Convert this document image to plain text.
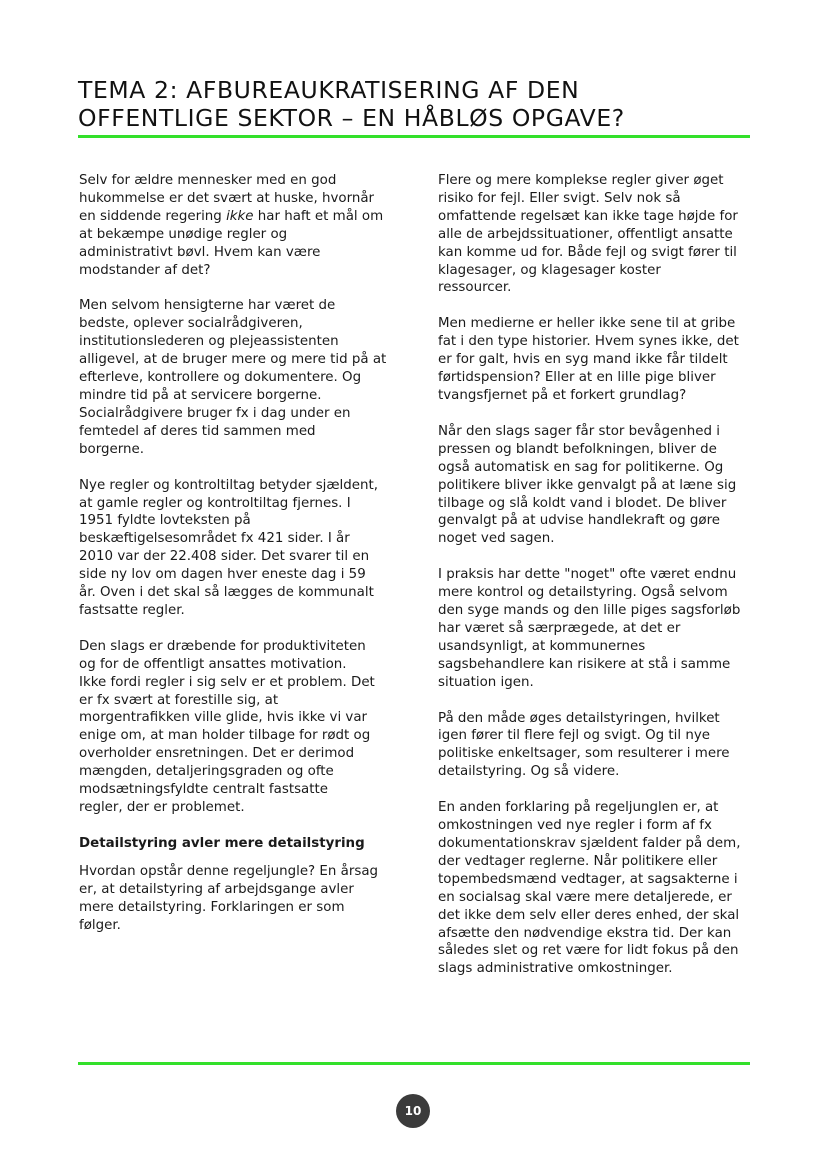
TEMA 2: AFBUREAUKRATISERING AF DEN
OFFENTLIGE SEKTOR – EN HÅBLØS OPGAVE?

Selv for ældre mennesker med en god
hukommelse er det svært at huske, hvornår
en siddende regering ikke har haft et mål om
at bekæmpe unødige regler og
administrativt bøvl. Hvem kan være
modstander af det?

Men selvom hensigterne har været de
bedste, oplever socialrådgiveren,
institutionslederen og plejeassistenten
alligevel, at de bruger mere og mere tid på at
efterleve, kontrollere og dokumentere. Og
mindre tid på at servicere borgerne.
Socialrådgivere bruger fx i dag under en
femtedel af deres tid sammen med
borgerne.

Nye regler og kontroltiltag betyder sjældent,
at gamle regler og kontroltiltag fjernes. I
1951 fyldte lovteksten på
beskæftigelsesområdet fx 421 sider. I år
2010 var der 22.408 sider. Det svarer til en
side ny lov om dagen hver eneste dag i 59
år. Oven i det skal så lægges de kommunalt
fastsatte regler.

Den slags er dræbende for produktiviteten
og for de offentligt ansattes motivation.
Ikke fordi regler i sig selv er et problem. Det
er fx svært at forestille sig, at
morgentrafikken ville glide, hvis ikke vi var
enige om, at man holder tilbage for rødt og
overholder ensretningen. Det er derimod
mængden, detaljeringsgraden og ofte
modsætningsfyldte centralt fastsatte
regler, der er problemet.

Detailstyring avler mere detailstyring

Hvordan opstår denne regeljungle? En årsag
er, at detailstyring af arbejdsgange avler
mere detailstyring. Forklaringen er som
følger.

Flere og mere komplekse regler giver øget
risiko for fejl. Eller svigt. Selv nok så
omfattende regelsæt kan ikke tage højde for
alle de arbejdssituationer, offentligt ansatte
kan komme ud for. Både fejl og svigt fører til
klagesager, og klagesager koster
ressourcer.

Men medierne er heller ikke sene til at gribe
fat i den type historier. Hvem synes ikke, det
er for galt, hvis en syg mand ikke får tildelt
førtidspension? Eller at en lille pige bliver
tvangsfjernet på et forkert grundlag?

Når den slags sager får stor bevågenhed i
pressen og blandt befolkningen, bliver de
også automatisk en sag for politikerne. Og
politikere bliver ikke genvalgt på at læne sig
tilbage og slå koldt vand i blodet. De bliver
genvalgt på at udvise handlekraft og gøre
noget ved sagen.

I praksis har dette "noget" ofte været endnu
mere kontrol og detailstyring. Også selvom
den syge mands og den lille piges sagsforløb
har været så særprægede, at det er
usandsynligt, at kommunernes
sagsbehandlere kan risikere at stå i samme
situation igen.

På den måde øges detailstyringen, hvilket
igen fører til flere fejl og svigt. Og til nye
politiske enkeltsager, som resulterer i mere
detailstyring. Og så videre.

En anden forklaring på regeljunglen er, at
omkostningen ved nye regler i form af fx
dokumentationskrav sjældent falder på dem,
der vedtager reglerne. Når politikere eller
topembedsmænd vedtager, at sagsakterne i
en socialsag skal være mere detaljerede, er
det ikke dem selv eller deres enhed, der skal
afsætte den nødvendige ekstra tid. Der kan
således slet og ret være for lidt fokus på den
slags administrative omkostninger.

10
